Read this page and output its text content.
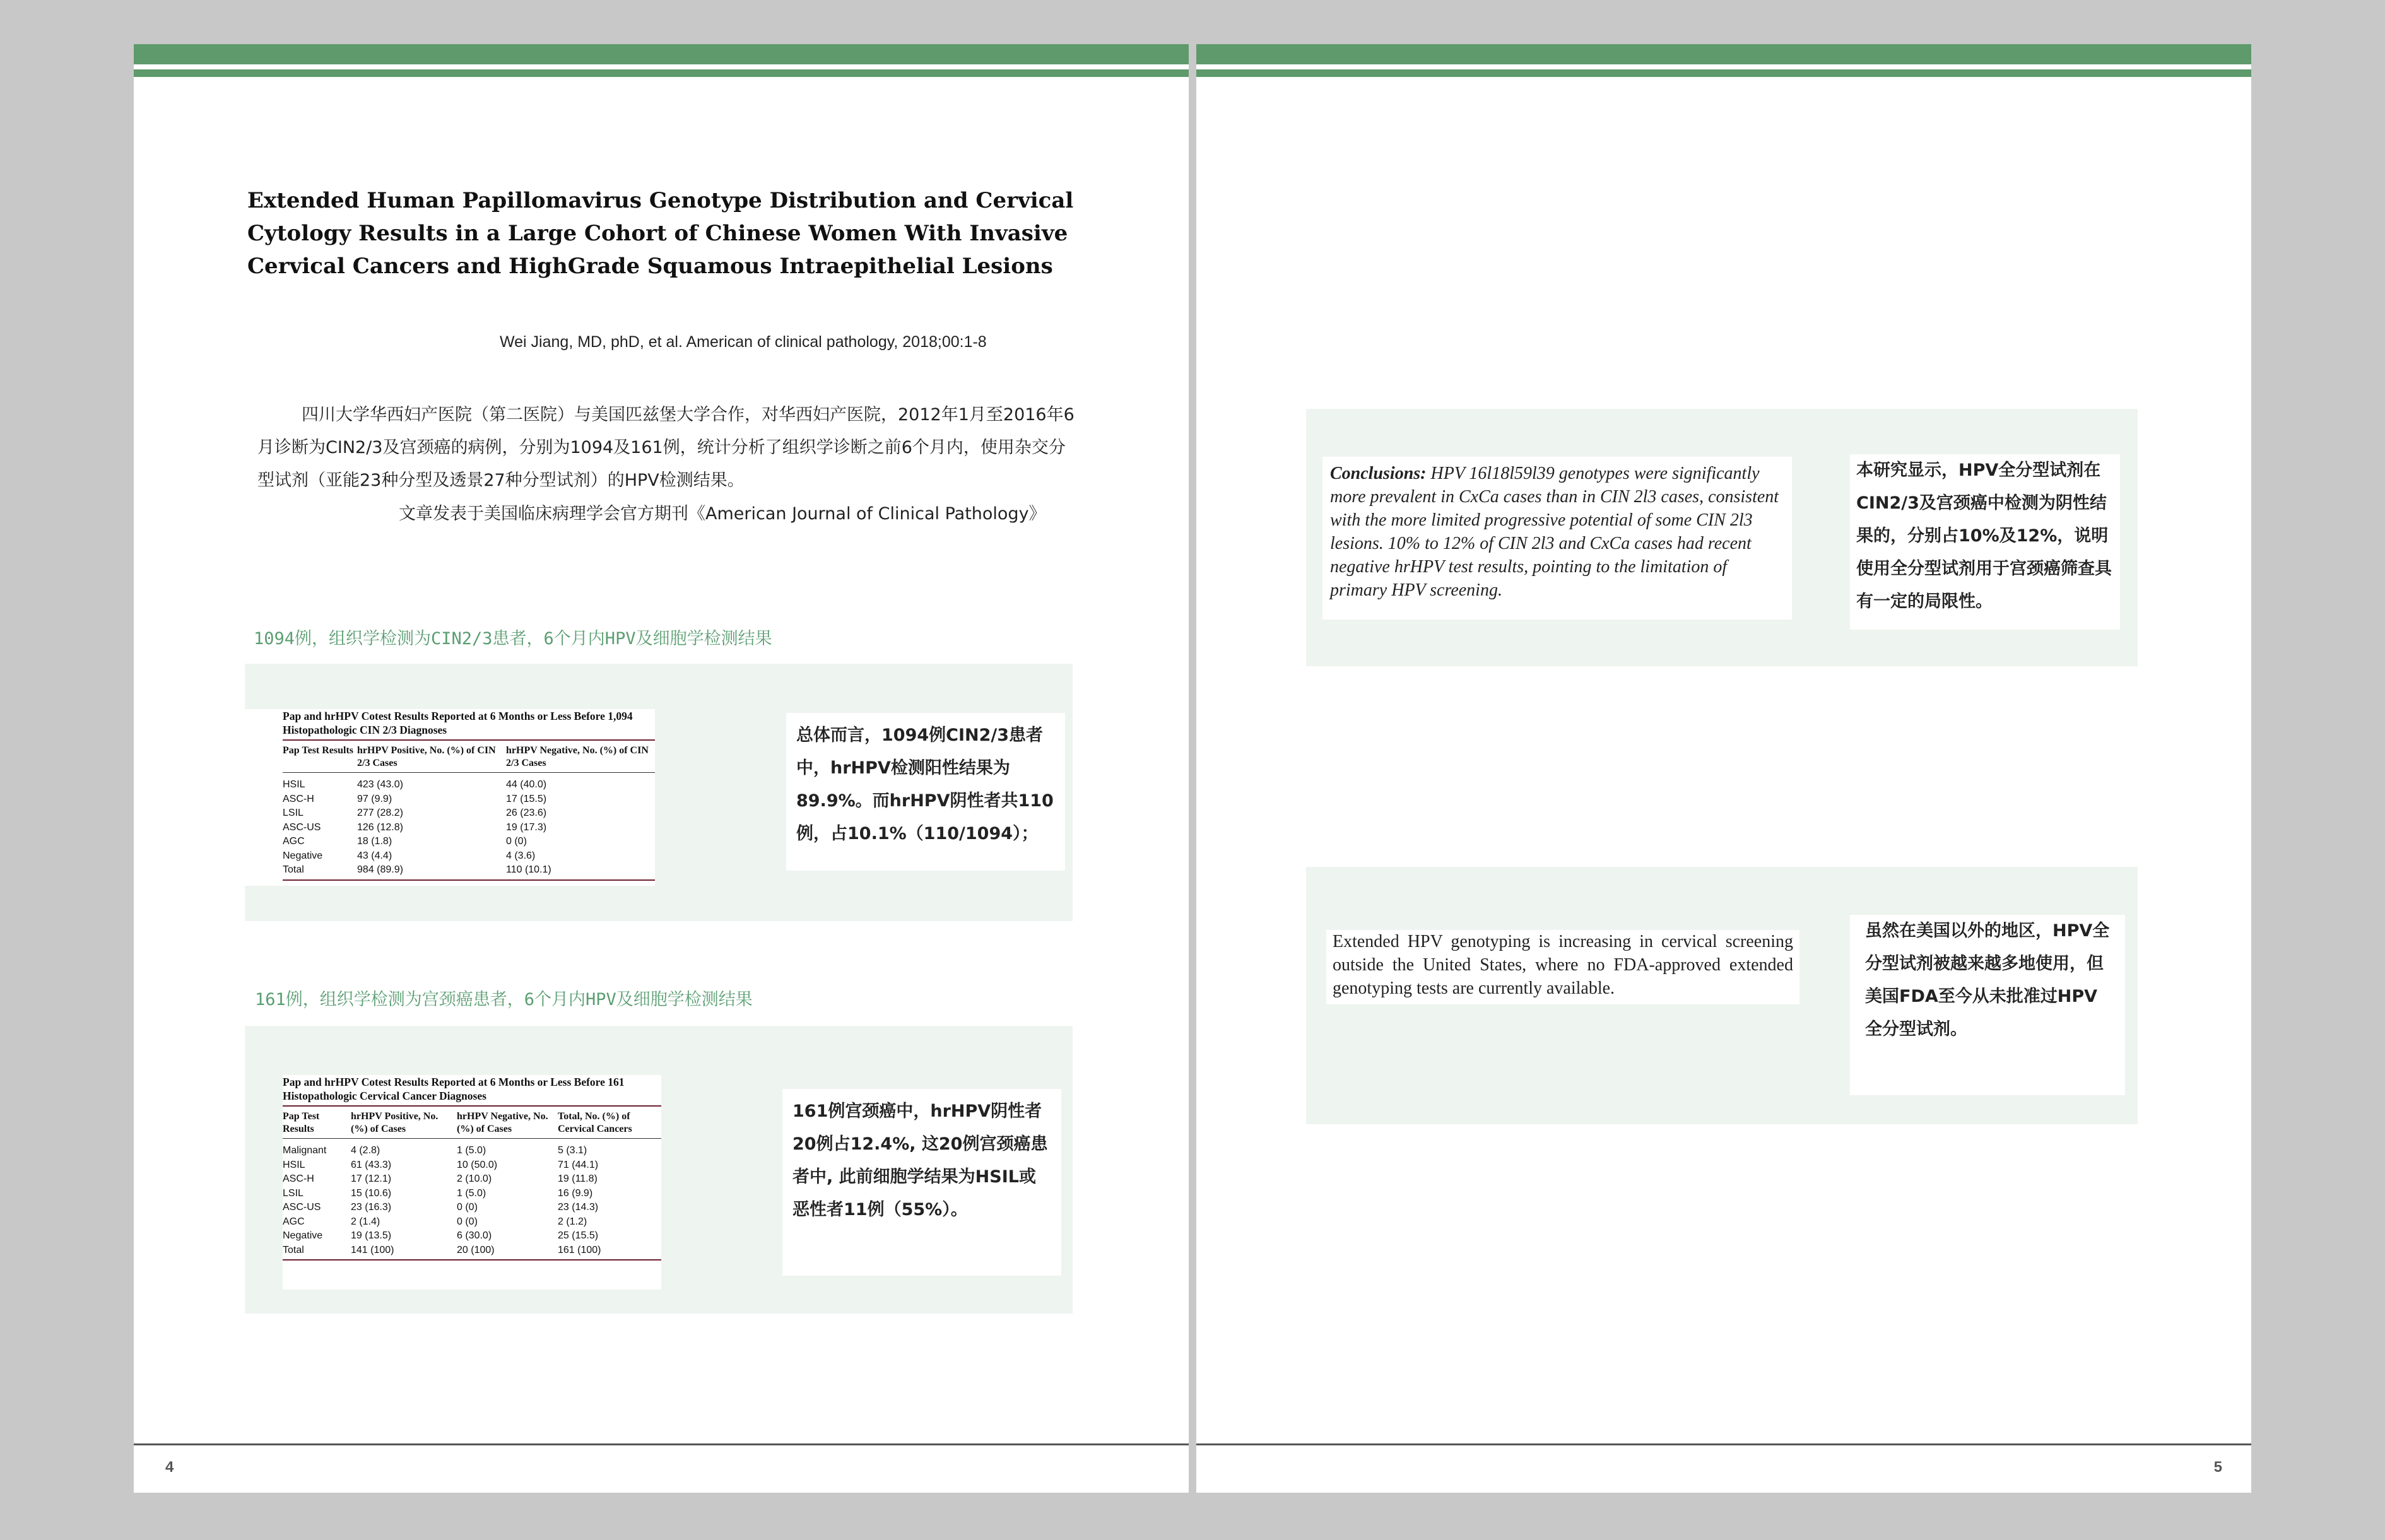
Extended Human Papillomavirus Genotype Distribution and Cervical Cytology Results in a Large Cohort of Chinese Women With Invasive Cervical Cancers and HighGrade Squamous Intraepithelial Lesions
Wei Jiang, MD, phD, et al. American of clinical pathology, 2018;00:1-8

四川大学华西妇产医院（第二医院）与美国匹兹堡大学合作，对华西妇产医院，2012年1月至2016年6月诊断为CIN2/3及宫颈癌的病例，分别为1094及161例，统计分析了组织学诊断之前6个月内，使用杂交分型试剂（亚能23种分型及透景27种分型试剂）的HPV检测结果。

文章发表于美国临床病理学会官方期刊《American Journal of Clinical Pathology》
1094例，组织学检测为CIN2/3患者，6个月内HPV及细胞学检测结果
Pap and hrHPV Cotest Results Reported at 6 Months or Less Before 1,094 Histopathologic CIN 2/3 Diagnoses
Pap Test Results	hrHPV Positive, No. (%) of CIN 2/3 Cases	hrHPV Negative, No. (%) of CIN 2/3 Cases
HSIL	423 (43.0)	44 (40.0)
ASC-H	97 (9.9)	17 (15.5)
LSIL	277 (28.2)	26 (23.6)
ASC-US	126 (12.8)	19 (17.3)
AGC	18 (1.8)	0 (0)
Negative	43 (4.4)	4 (3.6)
Total	984 (89.9)	110 (10.1)
总体而言，1094例CIN2/3患者中，hrHPV检测阳性结果为89.9%。而hrHPV阴性者共110例，占10.1%（110/1094）；
161例，组织学检测为宫颈癌患者，6个月内HPV及细胞学检测结果
Pap and hrHPV Cotest Results Reported at 6 Months or Less Before 161 Histopathologic Cervical Cancer Diagnoses
Pap Test Results	hrHPV Positive, No. (%) of Cases	hrHPV Negative, No. (%) of Cases	Total, No. (%) of Cervical Cancers
Malignant	4 (2.8)	1 (5.0)	5 (3.1)
HSIL	61 (43.3)	10 (50.0)	71 (44.1)
ASC-H	17 (12.1)	2 (10.0)	19 (11.8)
LSIL	15 (10.6)	1 (5.0)	16 (9.9)
ASC-US	23 (16.3)	0 (0)	23 (14.3)
AGC	2 (1.4)	0 (0)	2 (1.2)
Negative	19 (13.5)	6 (30.0)	25 (15.5)
Total	141 (100)	20 (100)	161 (100)
161例宫颈癌中，hrHPV阴性者20例占12.4%, 这20例宫颈癌患者中, 此前细胞学结果为HSIL或恶性者11例（55%）。
4
Conclusions: HPV 16l18l59l39 genotypes were significantly more prevalent in CxCa cases than in CIN 2l3 cases, consistent with the more limited progressive potential of some CIN 2l3 lesions. 10% to 12% of CIN 2l3 and CxCa cases had recent negative hrHPV test results, pointing to the limitation of primary HPV screening.
本研究显示，HPV全分型试剂在CIN2/3及宫颈癌中检测为阴性结果的，分别占10%及12%，说明使用全分型试剂用于宫颈癌筛查具有一定的局限性。
Extended HPV genotyping is increasing in cervical screening outside the United States, where no FDA-approved extended genotyping tests are currently available.
虽然在美国以外的地区，HPV全分型试剂被越来越多地使用，但美国FDA至今从未批准过HPV全分型试剂。
5
